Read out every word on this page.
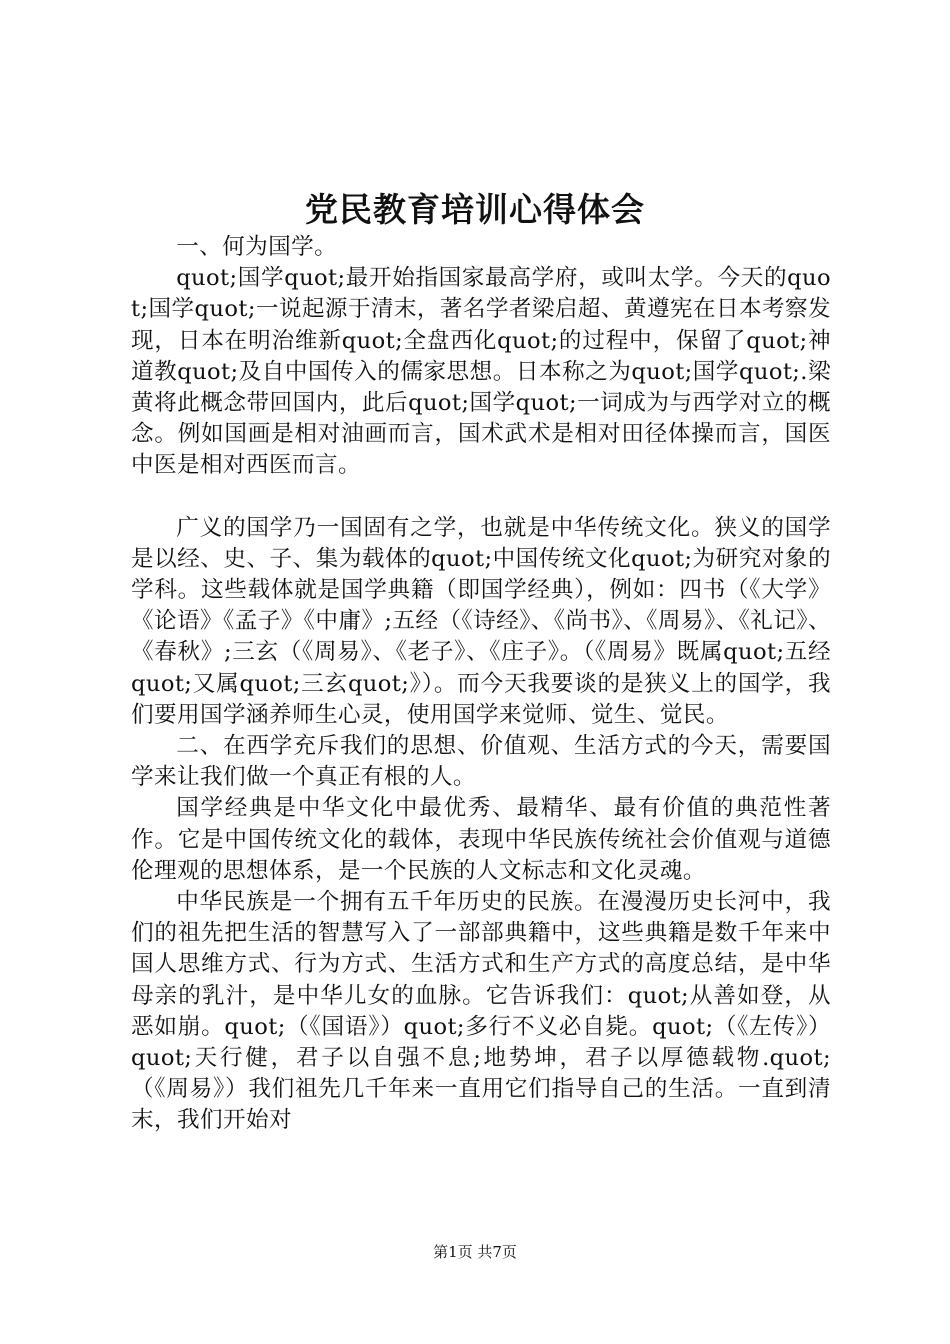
党民教育培训心得体会

一、何为国学。

quot;国学quot;最开始指国家最高学府，或叫太学。今天的quot;国学quot;一说起源于清末，著名学者梁启超、黄遵宪在日本考察发现，日本在明治维新quot;全盘西化quot;的过程中，保留了quot;神道教quot;及自中国传入的儒家思想。日本称之为quot;国学quot;.梁黄将此概念带回国内，此后quot;国学quot;一词成为与西学对立的概念。例如国画是相对油画而言，国术武术是相对田径体操而言，国医中医是相对西医而言。

广义的国学乃一国固有之学，也就是中华传统文化。狭义的国学是以经、史、子、集为载体的quot;中国传统文化quot;为研究对象的学科。这些载体就是国学典籍（即国学经典），例如：四书（《大学》《论语》《孟子》《中庸》;五经（《诗经》、《尚书》、《周易》、《礼记》、《春秋》;三玄（《周易》、《老子》、《庄子》。（《周易》既属quot;五经quot;又属quot;三玄quot;》）。而今天我要谈的是狭义上的国学，我们要用国学涵养师生心灵，使用国学来觉师、觉生、觉民。

二、在西学充斥我们的思想、价值观、生活方式的今天，需要国学来让我们做一个真正有根的人。

国学经典是中华文化中最优秀、最精华、最有价值的典范性著作。它是中国传统文化的载体，表现中华民族传统社会价值观与道德伦理观的思想体系，是一个民族的人文标志和文化灵魂。

中华民族是一个拥有五千年历史的民族。在漫漫历史长河中，我们的祖先把生活的智慧写入了一部部典籍中，这些典籍是数千年来中国人思维方式、行为方式、生活方式和生产方式的高度总结，是中华母亲的乳汁，是中华儿女的血脉。它告诉我们：quot;从善如登，从恶如崩。quot;（《国语》）quot;多行不义必自毙。quot;（《左传》）quot;天行健，君子以自强不息;地势坤，君子以厚德载物.quot;（《周易》）我们祖先几千年来一直用它们指导自己的生活。一直到清末，我们开始对

第1页 共7页
